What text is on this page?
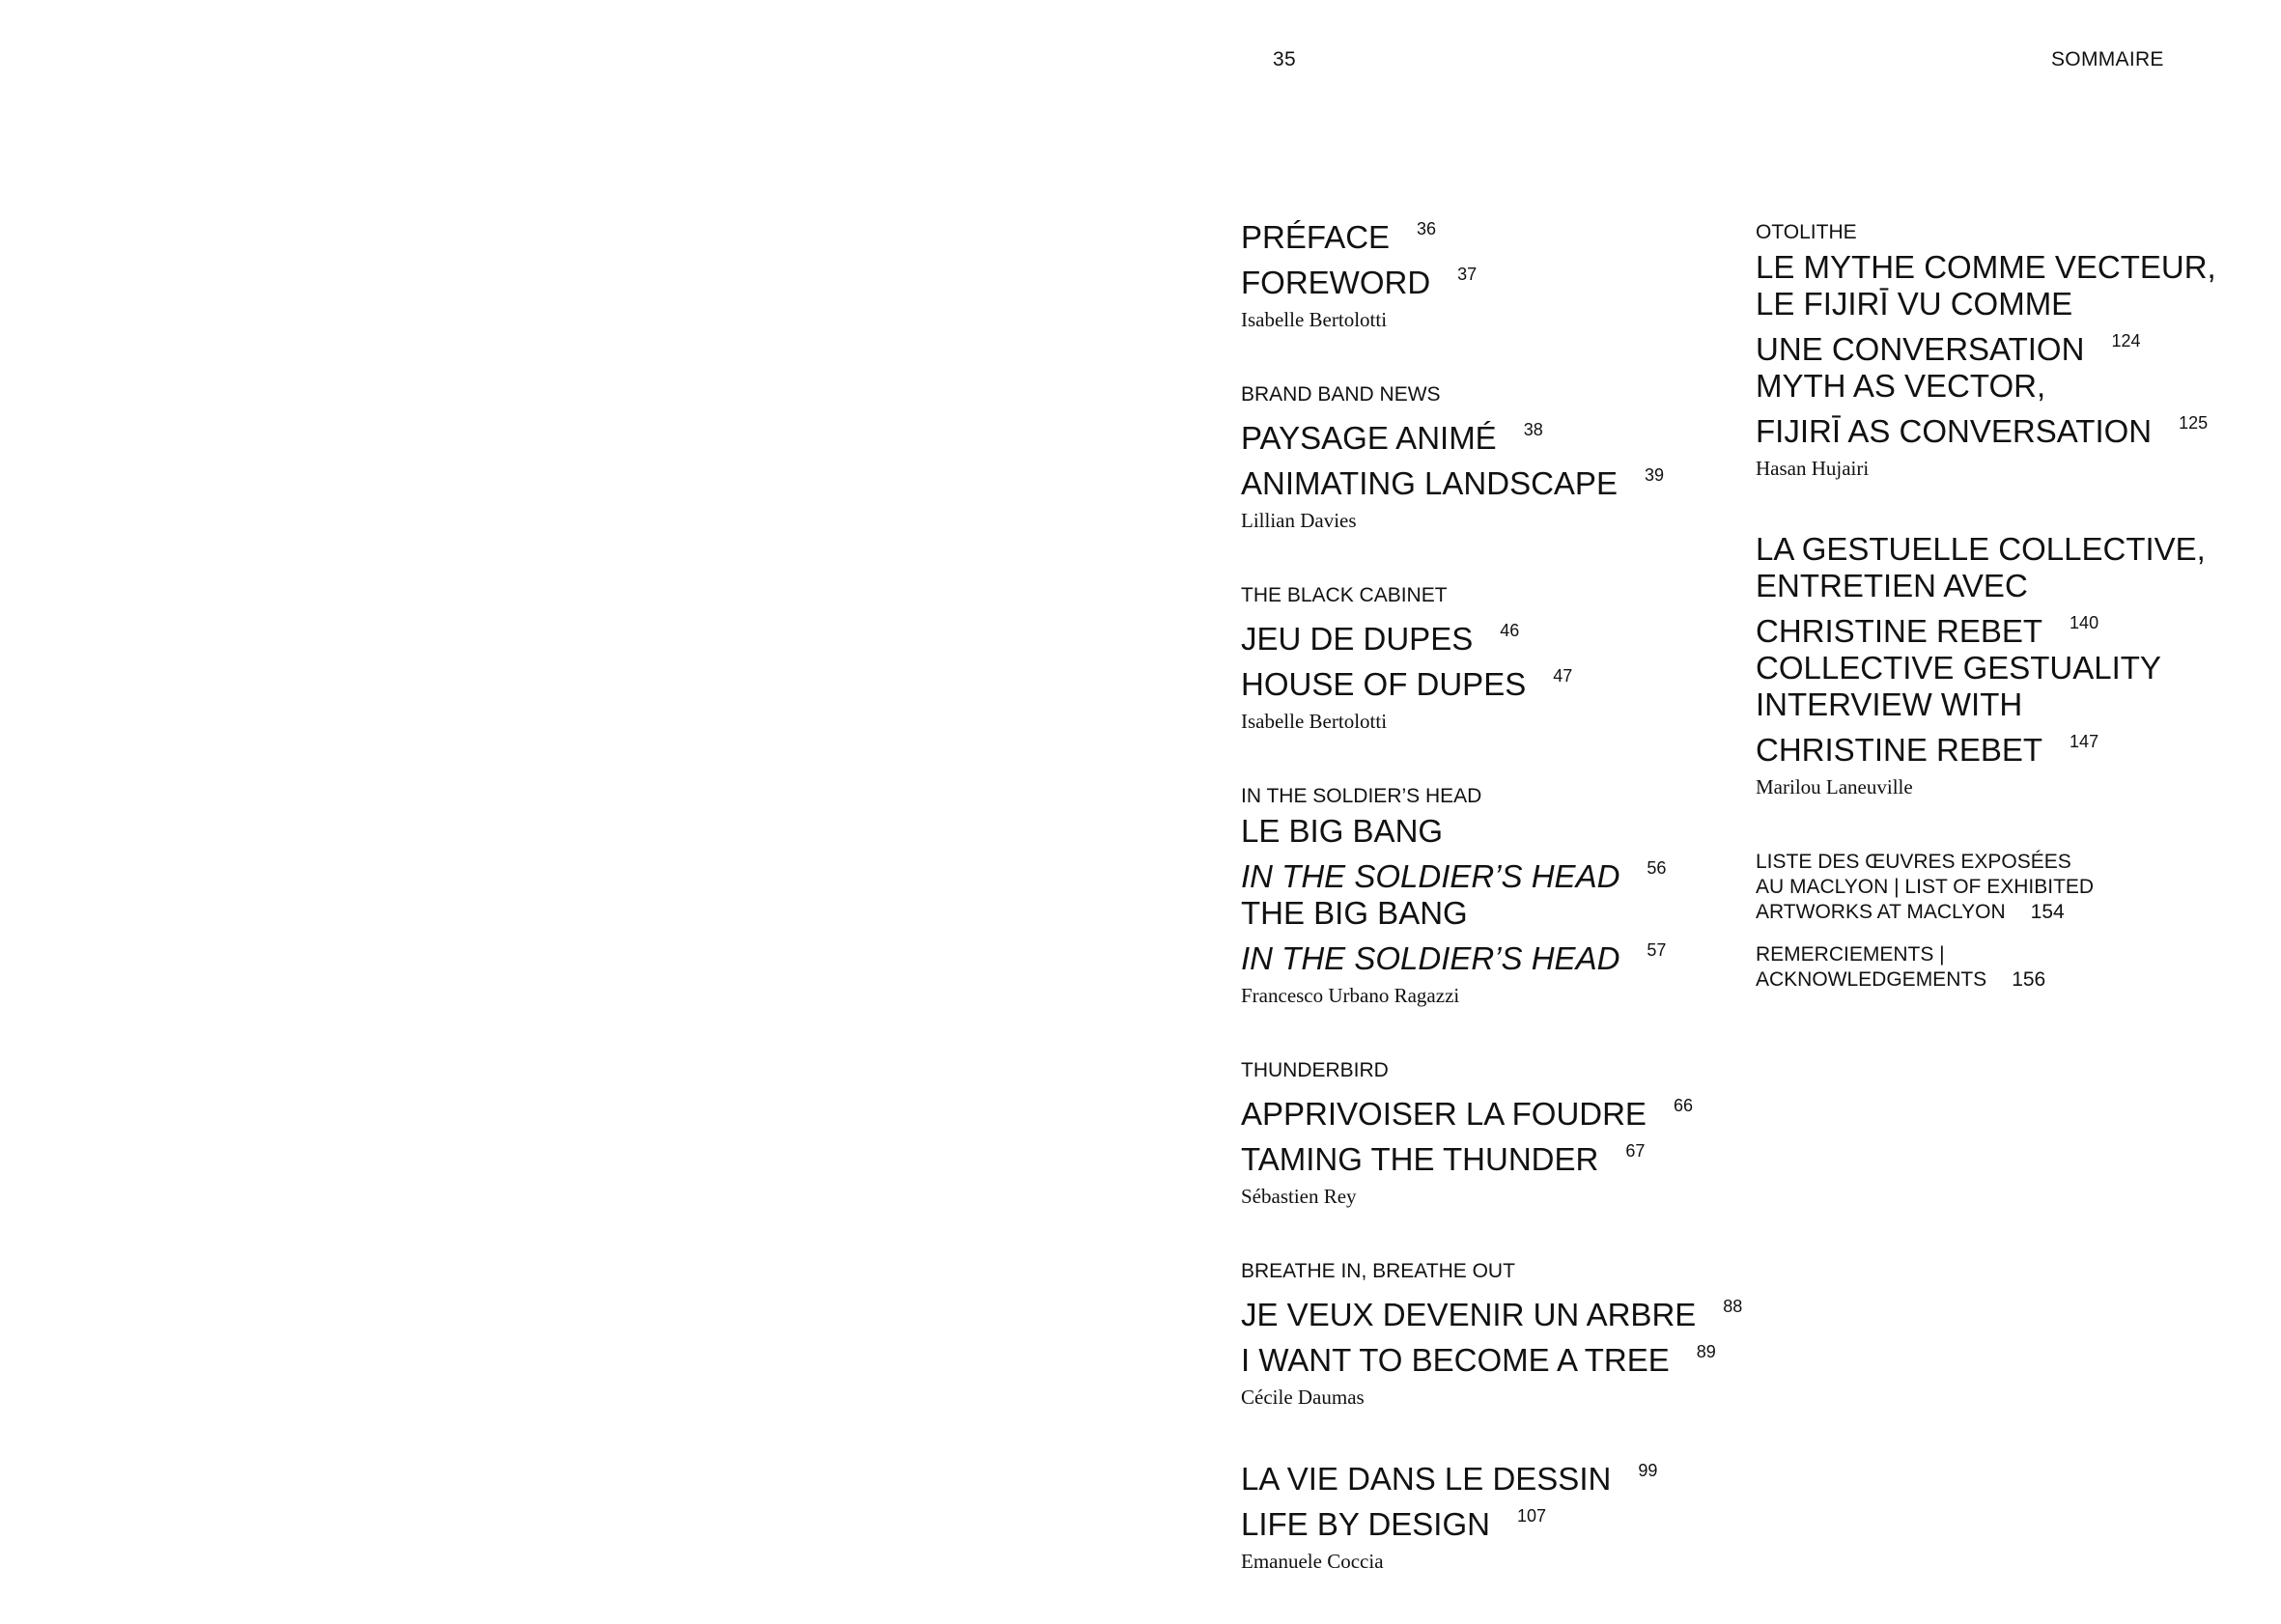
35	SOMMAIRE
PRÉFACE $^{36}$
FOREWORD $^{37}$
Isabelle Bertolotti
BRAND BAND NEWS
PAYSAGE ANIMÉ $^{38}$
ANIMATING LANDSCAPE $^{39}$
Lillian Davies
THE BLACK CABINET
JEU DE DUPES $^{46}$
HOUSE OF DUPES $^{47}$
Isabelle Bertolotti
IN THE SOLDIER’S HEAD
LE BIG BANG
IN THE SOLDIER’S HEAD $^{56}$
THE BIG BANG
IN THE SOLDIER’S HEAD $^{57}$
Francesco Urbano Ragazzi
THUNDERBIRD
APPRIVOISER LA FOUDRE $^{66}$
TAMING THE THUNDER $^{67}$
Sébastien Rey
BREATHE IN, BREATHE OUT
JE VEUX DEVENIR UN ARBRE $^{88}$
I WANT TO BECOME A TREE $^{89}$
Cécile Daumas
LA VIE DANS LE DESSIN $^{99}$
LIFE BY DESIGN $^{107}$
Emanuele Coccia
OTOLITHE
LE MYTHE COMME VECTEUR,
LE FIJIRĪ VU COMME
UNE CONVERSATION $^{124}$
MYTH AS VECTOR,
FIJIRĪ AS CONVERSATION $^{125}$
Hasan Hujairi
LA GESTUELLE COLLECTIVE,
ENTRETIEN AVEC
CHRISTINE REBET $^{140}$
COLLECTIVE GESTUALITY
INTERVIEW WITH
CHRISTINE REBET $^{147}$
Marilou Laneuville
LISTE DES ŒUVRES EXPOSÉES
AU MACLYON | LIST OF EXHIBITED
ARTWORKS AT MACLYON 154
REMERCIEMENTS |
ACKNOWLEDGEMENTS 156
